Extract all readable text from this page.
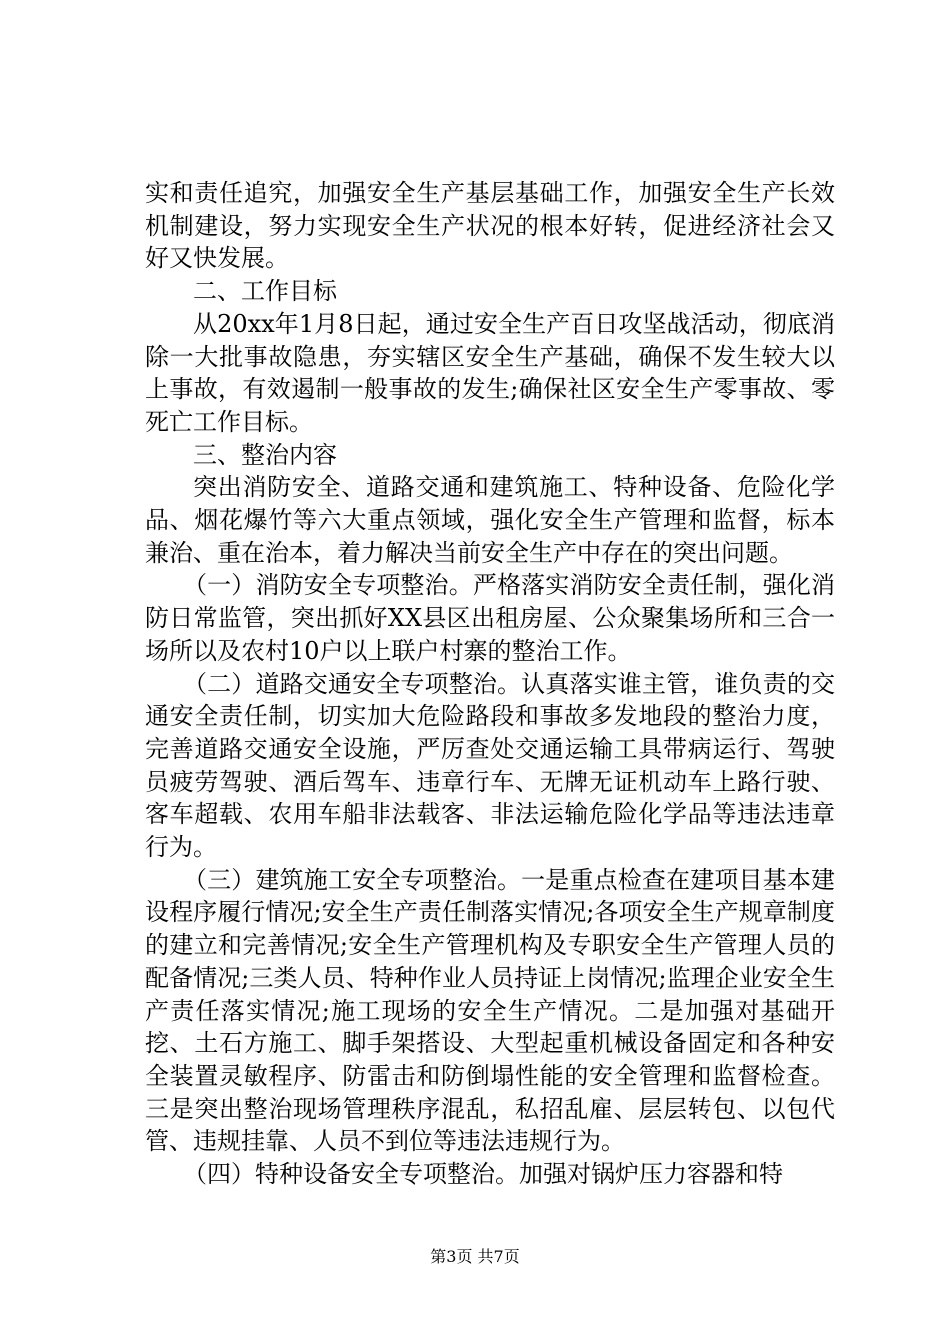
实和责任追究，加强安全生产基层基础工作，加强安全生产长效机制建设，努力实现安全生产状况的根本好转，促进经济社会又好又快发展。

二、工作目标

从20xx年1月8日起，通过安全生产百日攻坚战活动，彻底消除一大批事故隐患，夯实辖区安全生产基础，确保不发生较大以上事故，有效遏制一般事故的发生;确保社区安全生产零事故、零死亡工作目标。

三、整治内容

突出消防安全、道路交通和建筑施工、特种设备、危险化学品、烟花爆竹等六大重点领域，强化安全生产管理和监督，标本兼治、重在治本，着力解决当前安全生产中存在的突出问题。

（一）消防安全专项整治。严格落实消防安全责任制，强化消防日常监管，突出抓好XX县区出租房屋、公众聚集场所和三合一场所以及农村10户以上联户村寨的整治工作。

（二）道路交通安全专项整治。认真落实谁主管，谁负责的交通安全责任制，切实加大危险路段和事故多发地段的整治力度，完善道路交通安全设施，严厉查处交通运输工具带病运行、驾驶员疲劳驾驶、酒后驾车、违章行车、无牌无证机动车上路行驶、客车超载、农用车船非法载客、非法运输危险化学品等违法违章行为。

（三）建筑施工安全专项整治。一是重点检查在建项目基本建设程序履行情况;安全生产责任制落实情况;各项安全生产规章制度的建立和完善情况;安全生产管理机构及专职安全生产管理人员的配备情况;三类人员、特种作业人员持证上岗情况;监理企业安全生产责任落实情况;施工现场的安全生产情况。二是加强对基础开挖、土石方施工、脚手架搭设、大型起重机械设备固定和各种安全装置灵敏程序、防雷击和防倒塌性能的安全管理和监督检查。三是突出整治现场管理秩序混乱，私招乱雇、层层转包、以包代管、违规挂靠、人员不到位等违法违规行为。

（四）特种设备安全专项整治。加强对锅炉压力容器和特

第3页 共7页
